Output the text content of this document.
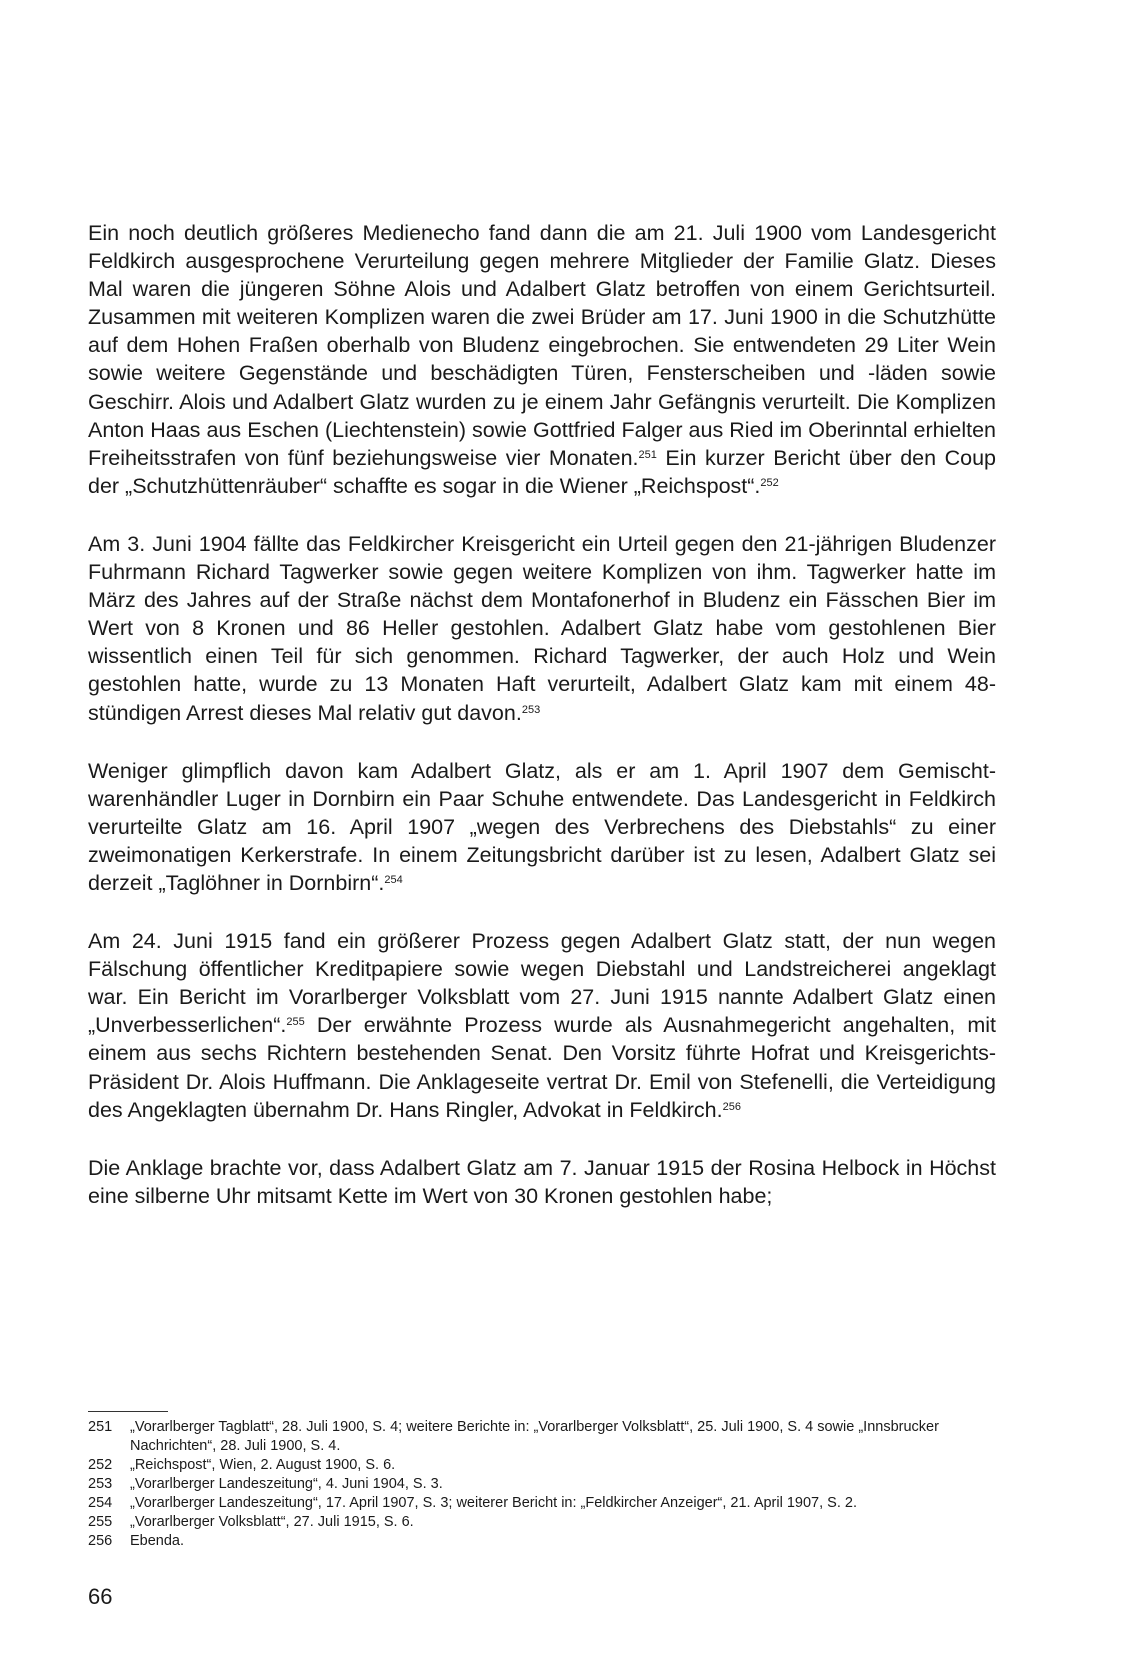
Ein noch deutlich größeres Medienecho fand dann die am 21. Juli 1900 vom Landesgericht Feldkirch ausgesprochene Verurteilung gegen mehrere Mitglieder der Familie Glatz. Dieses Mal waren die jüngeren Söhne Alois und Adalbert Glatz betroffen von einem Gerichtsurteil. Zusammen mit weiteren Komplizen waren die zwei Brüder am 17. Juni 1900 in die Schutzhütte auf dem Hohen Fraßen oberhalb von Bludenz eingebrochen. Sie entwendeten 29 Liter Wein sowie weitere Gegenstände und beschädigten Türen, Fensterscheiben und -läden sowie Geschirr. Alois und Adalbert Glatz wurden zu je einem Jahr Gefängnis verurteilt. Die Komplizen Anton Haas aus Eschen (Liechtenstein) sowie Gottfried Falger aus Ried im Oberinntal erhielten Freiheitsstrafen von fünf beziehungsweise vier Monaten.$^{251}$ Ein kurzer Bericht über den Coup der „Schutzhüttenräuber“ schaffte es sogar in die Wiener „Reichspost“.$^{252}$

Am 3. Juni 1904 fällte das Feldkircher Kreisgericht ein Urteil gegen den 21-jährigen Bludenzer Fuhrmann Richard Tagwerker sowie gegen weitere Komplizen von ihm. Tagwerker hatte im März des Jahres auf der Straße nächst dem Montafonerhof in Bludenz ein Fässchen Bier im Wert von 8 Kronen und 86 Heller gestohlen. Adalbert Glatz habe vom gestohlenen Bier wissentlich einen Teil für sich genommen. Richard Tagwerker, der auch Holz und Wein gestohlen hatte, wurde zu 13 Monaten Haft verurteilt, Adalbert Glatz kam mit einem 48-stündigen Arrest dieses Mal relativ gut davon.$^{253}$

Weniger glimpflich davon kam Adalbert Glatz, als er am 1. April 1907 dem Gemischtwarenhändler Luger in Dornbirn ein Paar Schuhe entwendete. Das Landesgericht in Feldkirch verurteilte Glatz am 16. April 1907 „wegen des Verbrechens des Diebstahls“ zu einer zweimonatigen Kerkerstrafe. In einem Zeitungsbricht darüber ist zu lesen, Adalbert Glatz sei derzeit „Taglöhner in Dornbirn“.$^{254}$

Am 24. Juni 1915 fand ein größerer Prozess gegen Adalbert Glatz statt, der nun wegen Fälschung öffentlicher Kreditpapiere sowie wegen Diebstahl und Landstreicherei angeklagt war. Ein Bericht im Vorarlberger Volksblatt vom 27. Juni 1915 nannte Adalbert Glatz einen „Unverbesserlichen“.$^{255}$ Der erwähnte Prozess wurde als Ausnahmegericht angehalten, mit einem aus sechs Richtern bestehenden Senat. Den Vorsitz führte Hofrat und Kreisgerichts-Präsident Dr. Alois Huffmann. Die Anklageseite vertrat Dr. Emil von Stefenelli, die Verteidigung des Angeklagten übernahm Dr. Hans Ringler, Advokat in Feldkirch.$^{256}$

Die Anklage brachte vor, dass Adalbert Glatz am 7. Januar 1915 der Rosina Helbock in Höchst eine silberne Uhr mitsamt Kette im Wert von 30 Kronen gestohlen habe;

251 „Vorarlberger Tagblatt“, 28. Juli 1900, S. 4; weitere Berichte in: „Vorarlberger Volksblatt“, 25. Juli 1900, S. 4 sowie „Innsbrucker Nachrichten“, 28. Juli 1900, S. 4.

252 „Reichspost“, Wien, 2. August 1900, S. 6.

253 „Vorarlberger Landeszeitung“, 4. Juni 1904, S. 3.

254 „Vorarlberger Landeszeitung“, 17. April 1907, S. 3; weiterer Bericht in: „Feldkircher Anzeiger“, 21. April 1907, S. 2.

255 „Vorarlberger Volksblatt“, 27. Juli 1915, S. 6.

256 Ebenda.

66
